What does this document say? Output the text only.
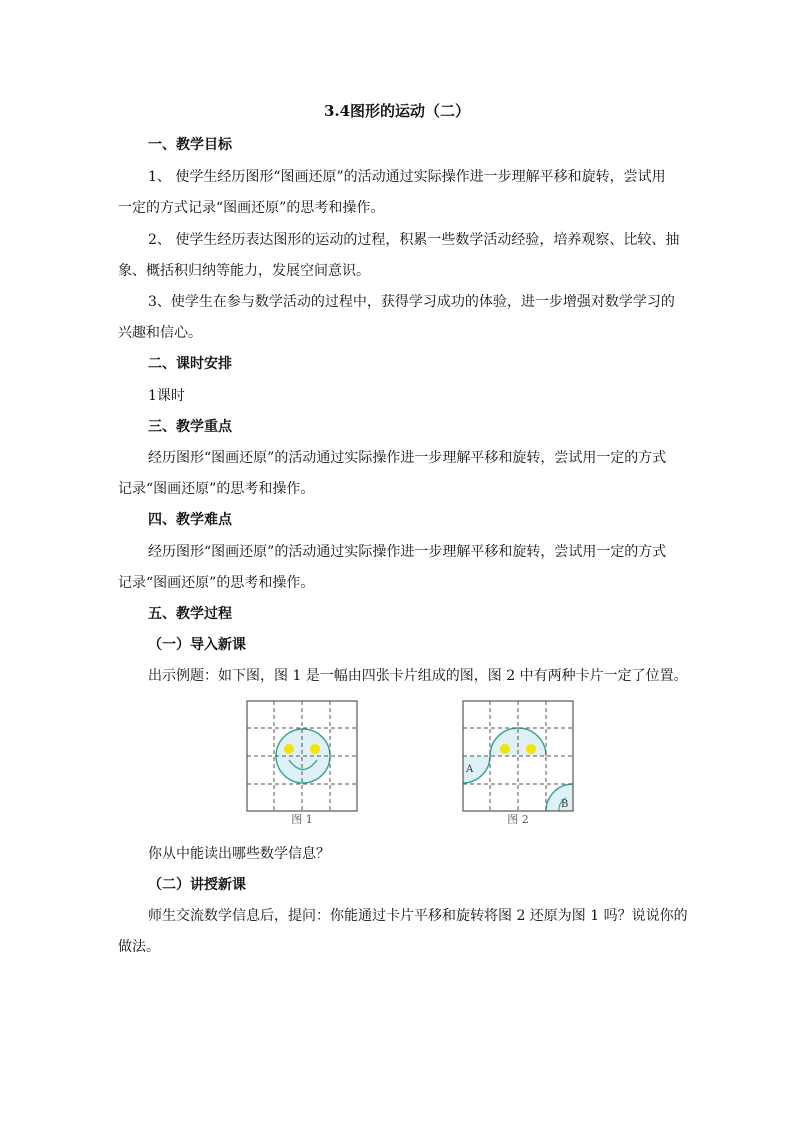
3.4图形的运动（二）
一、教学目标
1、 使学生经历图形“图画还原”的活动通过实际操作进一步理解平移和旋转，尝试用
一定的方式记录“图画还原”的思考和操作。
2、 使学生经历表达图形的运动的过程，积累一些数学活动经验，培养观察、比较、抽
象、概括积归纳等能力，发展空间意识。
3、使学生在参与数学活动的过程中，获得学习成功的体验，进一步增强对数学学习的
兴趣和信心。
二、课时安排
1课时
三、教学重点
经历图形“图画还原”的活动通过实际操作进一步理解平移和旋转，尝试用一定的方式
记录“图画还原”的思考和操作。
四、教学难点
经历图形“图画还原”的活动通过实际操作进一步理解平移和旋转，尝试用一定的方式
记录“图画还原”的思考和操作。
五、教学过程
（一）导入新课
出示例题：如下图，图 1 是一幅由四张卡片组成的图，图 2 中有两种卡片一定了位置。
图 1
A
B
图 2
你从中能读出哪些数学信息？
（二）讲授新课
师生交流数学信息后，提问：你能通过卡片平移和旋转将图 2 还原为图 1 吗？说说你的
做法。
